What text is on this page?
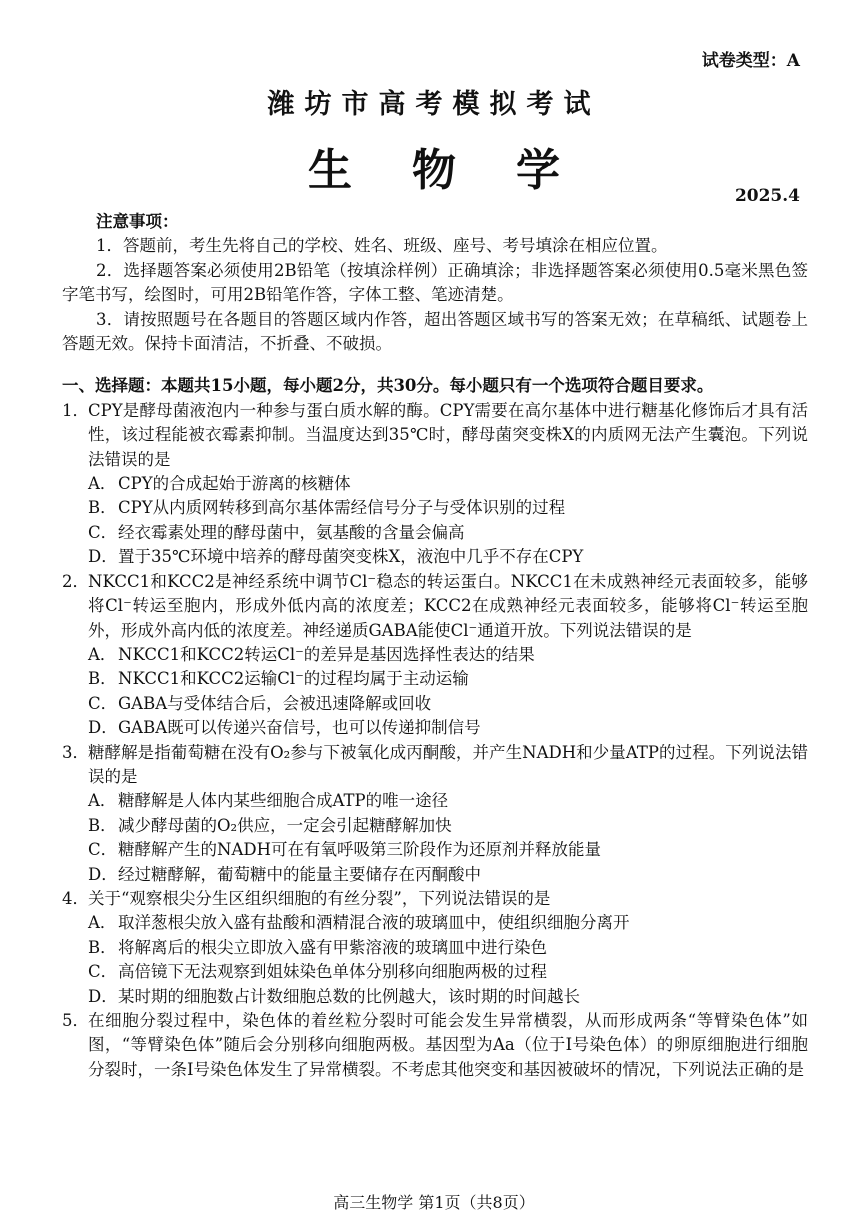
试卷类型：A
潍坊市高考模拟考试
生物学	2025.4
注意事项：
1．答题前，考生先将自己的学校、姓名、班级、座号、考号填涂在相应位置。
2．选择题答案必须使用2B铅笔（按填涂样例）正确填涂；非选择题答案必须使用0.5毫米黑色签字笔书写，绘图时，可用2B铅笔作答，字体工整、笔迹清楚。
3．请按照题号在各题目的答题区域内作答，超出答题区域书写的答案无效；在草稿纸、试题卷上答题无效。保持卡面清洁，不折叠、不破损。
一、选择题：本题共15小题，每小题2分，共30分。每小题只有一个选项符合题目要求。
1． CPY是酵母菌液泡内一种参与蛋白质水解的酶。CPY需要在高尔基体中进行糖基化修饰后才具有活性，该过程能被衣霉素抑制。当温度达到35℃时，酵母菌突变株X的内质网无法产生囊泡。下列说法错误的是
A．CPY的合成起始于游离的核糖体
B．CPY从内质网转移到高尔基体需经信号分子与受体识别的过程
C．经衣霉素处理的酵母菌中，氨基酸的含量会偏高
D．置于35℃环境中培养的酵母菌突变株X，液泡中几乎不存在CPY
2． NKCC1和KCC2是神经系统中调节Cl⁻稳态的转运蛋白。NKCC1在未成熟神经元表面较多，能够将Cl⁻转运至胞内，形成外低内高的浓度差；KCC2在成熟神经元表面较多，能够将Cl⁻转运至胞外，形成外高内低的浓度差。神经递质GABA能使Cl⁻通道开放。下列说法错误的是
A．NKCC1和KCC2转运Cl⁻的差异是基因选择性表达的结果
B．NKCC1和KCC2运输Cl⁻的过程均属于主动运输
C．GABA与受体结合后，会被迅速降解或回收
D．GABA既可以传递兴奋信号，也可以传递抑制信号
3． 糖酵解是指葡萄糖在没有O₂参与下被氧化成丙酮酸，并产生NADH和少量ATP的过程。下列说法错误的是
A．糖酵解是人体内某些细胞合成ATP的唯一途径
B．减少酵母菌的O₂供应，一定会引起糖酵解加快
C．糖酵解产生的NADH可在有氧呼吸第三阶段作为还原剂并释放能量
D．经过糖酵解，葡萄糖中的能量主要储存在丙酮酸中
4． 关于“观察根尖分生区组织细胞的有丝分裂”，下列说法错误的是
A．取洋葱根尖放入盛有盐酸和酒精混合液的玻璃皿中，使组织细胞分离开
B．将解离后的根尖立即放入盛有甲紫溶液的玻璃皿中进行染色
C．高倍镜下无法观察到姐妹染色单体分别移向细胞两极的过程
D．某时期的细胞数占计数细胞总数的比例越大，该时期的时间越长
5． 在细胞分裂过程中，染色体的着丝粒分裂时可能会发生异常横裂，从而形成两条“等臂染色体”如图，“等臂染色体”随后会分别移向细胞两极。基因型为Aa（位于Ⅰ号染色体）的卵原细胞进行细胞分裂时，一条Ⅰ号染色体发生了异常横裂。不考虑其他突变和基因被破坏的情况，下列说法正确的是
高三生物学 第1页（共8页）
